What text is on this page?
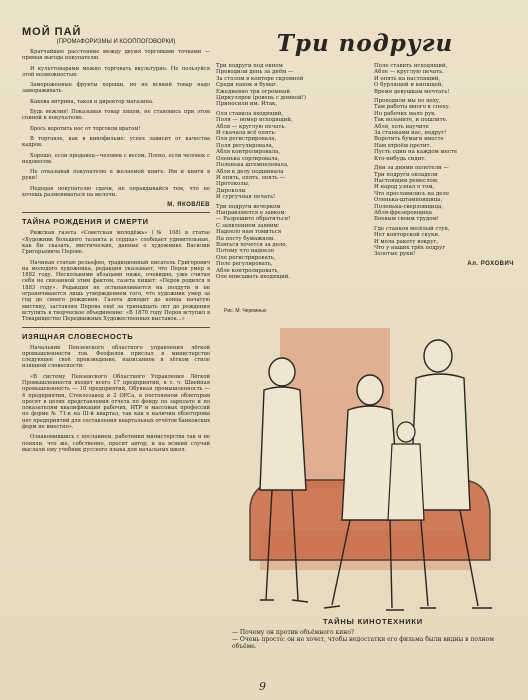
МОЙ ПАЙ
(ПРОМАФОРИЗМЫ И КООППОГОВОРКИ)

Кратчайшее расстояние между двумя торговыми точками — прямая выгода покупателю.

И культтоварами можно торговать вкультурно. Не пользуйся этой возможностью.

Замороженные фрукты хороши, но не всякий товар надо замораживать.

Какова витрина, таков и директор магазина.

Будь вежлив! Показывая товар лицом, не становись при этом спиной к покупателю.

Брось воротить нос от торговли врагом!

В торговле, как в кинофильме: успех зависит от качества кадров.

Хорошо, если продавец—человек с весом. Плохо, если человек с недовесом.

Не отказывай покупателю в желаемой книге. Им и книги в руки!

Недодав покупателю сдачи, не оправдывайся тем, что не хочешь размениваться на мелочи.

М. ЯКОВЛЕВ
ТАЙНА РОЖДЕНИЯ И СМЕРТИ

Рижская газета «Советская молодёжь» (№ 108) в статье «Художник большого таланта и сердца» сообщает удивительные, как бы сказать, мистические, данные о художнике Василии Григорьевиче Перове.

Начиная статью рельефно, традиционный писатель Григорович на молодого художника, редакция указывает, что Перов умер в 1882 году. Несколькими абзацами ниже, очевидно, уже считая себя не связанной этим фактом, газета пишет: «Перов родился в 1883 году». Редакция не останавливается на полдути и не ограничивается лишь утверждением того, что художник умер за год до своего рождения. Газета доводит до конца начатую мистику, заставляя Перова ещё за тринадцать лет до рождения вступить в творческое объединение: «В 1870 году Перов вступил в Товарищество Передвижных Художественных выставок...»

ИЗЯЩНАЯ СЛОВЕСНОСТЬ

Начальник Пензенского областного управления лёгкой промышленности тов. Феофилов прислал в министерство следующее своё произведение, написанное в лёгком стиле изящной словесности:

«В систему Пензенского Областного Управления Лёгкой Промышленности входят всего 17 предприятий, в т. ч. Швейная промышленность — 10 предприятий, Обувная промышленность — 4 предприятия, Стеклозавод и 2 ОРСа, в постоянном облегпром просят в целях представления отчета по фонду по зарплате и по показателям квалификации рабочих, ИТР и массовых профессий по форме № 71-к на III-й квартал, так как в наличии облегпрома нет предприятий для составления квартальных отчётов банковских форм не вместно».

Ознакомившись с посланием, работники министерства так и не поняли, что же, собственно, просит автор, и на всякий случай выслали ему учебник русского языка для начальных школ.

Три подруги

Три подруги под окном
Проводили день за днём —
За столом в конторе скромной
Среди папок и бумаг.
Ежедневно три огромный
Циркуляров (ровень с домной!)
Приносили им. Итак,

Оля ставила входящий,
Поля — номер исходящий,
Абля — круглую печать.
И скачала всё опять:
Оля регистрировала,
Поля регулировала,
Абля контролировала,
Оленька сортировала,
Поленька штемпелевала,
Абля к делу подшивала
И опять, опять, опять —
Протоколы,
Дыроколы
И сургучная печать!

Три подруги вечерком
Направляются в завком:
— Разрешите обратиться!
С заявлением заявим:
Надоело нам томиться
На посту бумажном.
Взяться хочется за дело,
Потому что надоело
Оле регистрировать,
Поле регулировать,
Абле контролировать,
Оле вписывать входящий.

Поле ставить исходящий,
Абле — круглую печать.
И опять на настоящий,
О бурлящей и кипящей,
Время девушкам мечтать!

Проходили мы по цеху,
Там работы много к спеху.
Но рабочих мало рук.
Так возьмите, и пошлите.
Абля, хоть научите
За станками нас, подруг!
Воротить бумаги вместе
Нам втроём претит.
Пусть один на каждом месте
Кто-нибудь сидит.

Дни за днями полетели —
Три подруги овладели
Настоящим ремеслом,
И народ узнал о том,
Что прославились на деле
Оленька-штамповщица,
Поленька-сверловщица,
Абля-фрезеровщица
Боевым своим трудом!

Где станков весёлый стук,
Нет конторской скуки.
И мола ракету вокруг,
Что у наших трёх подруг
Золотые руки!

Ал. РОХОВИЧ
Рис. М. Черемных
ТАЙНЫ КИНОТЕХНИКИ

— Почему он против объёмного кино?

— Очень просто: он не хочет, чтобы недостатки его фильма были видны в полном объёме.

9
